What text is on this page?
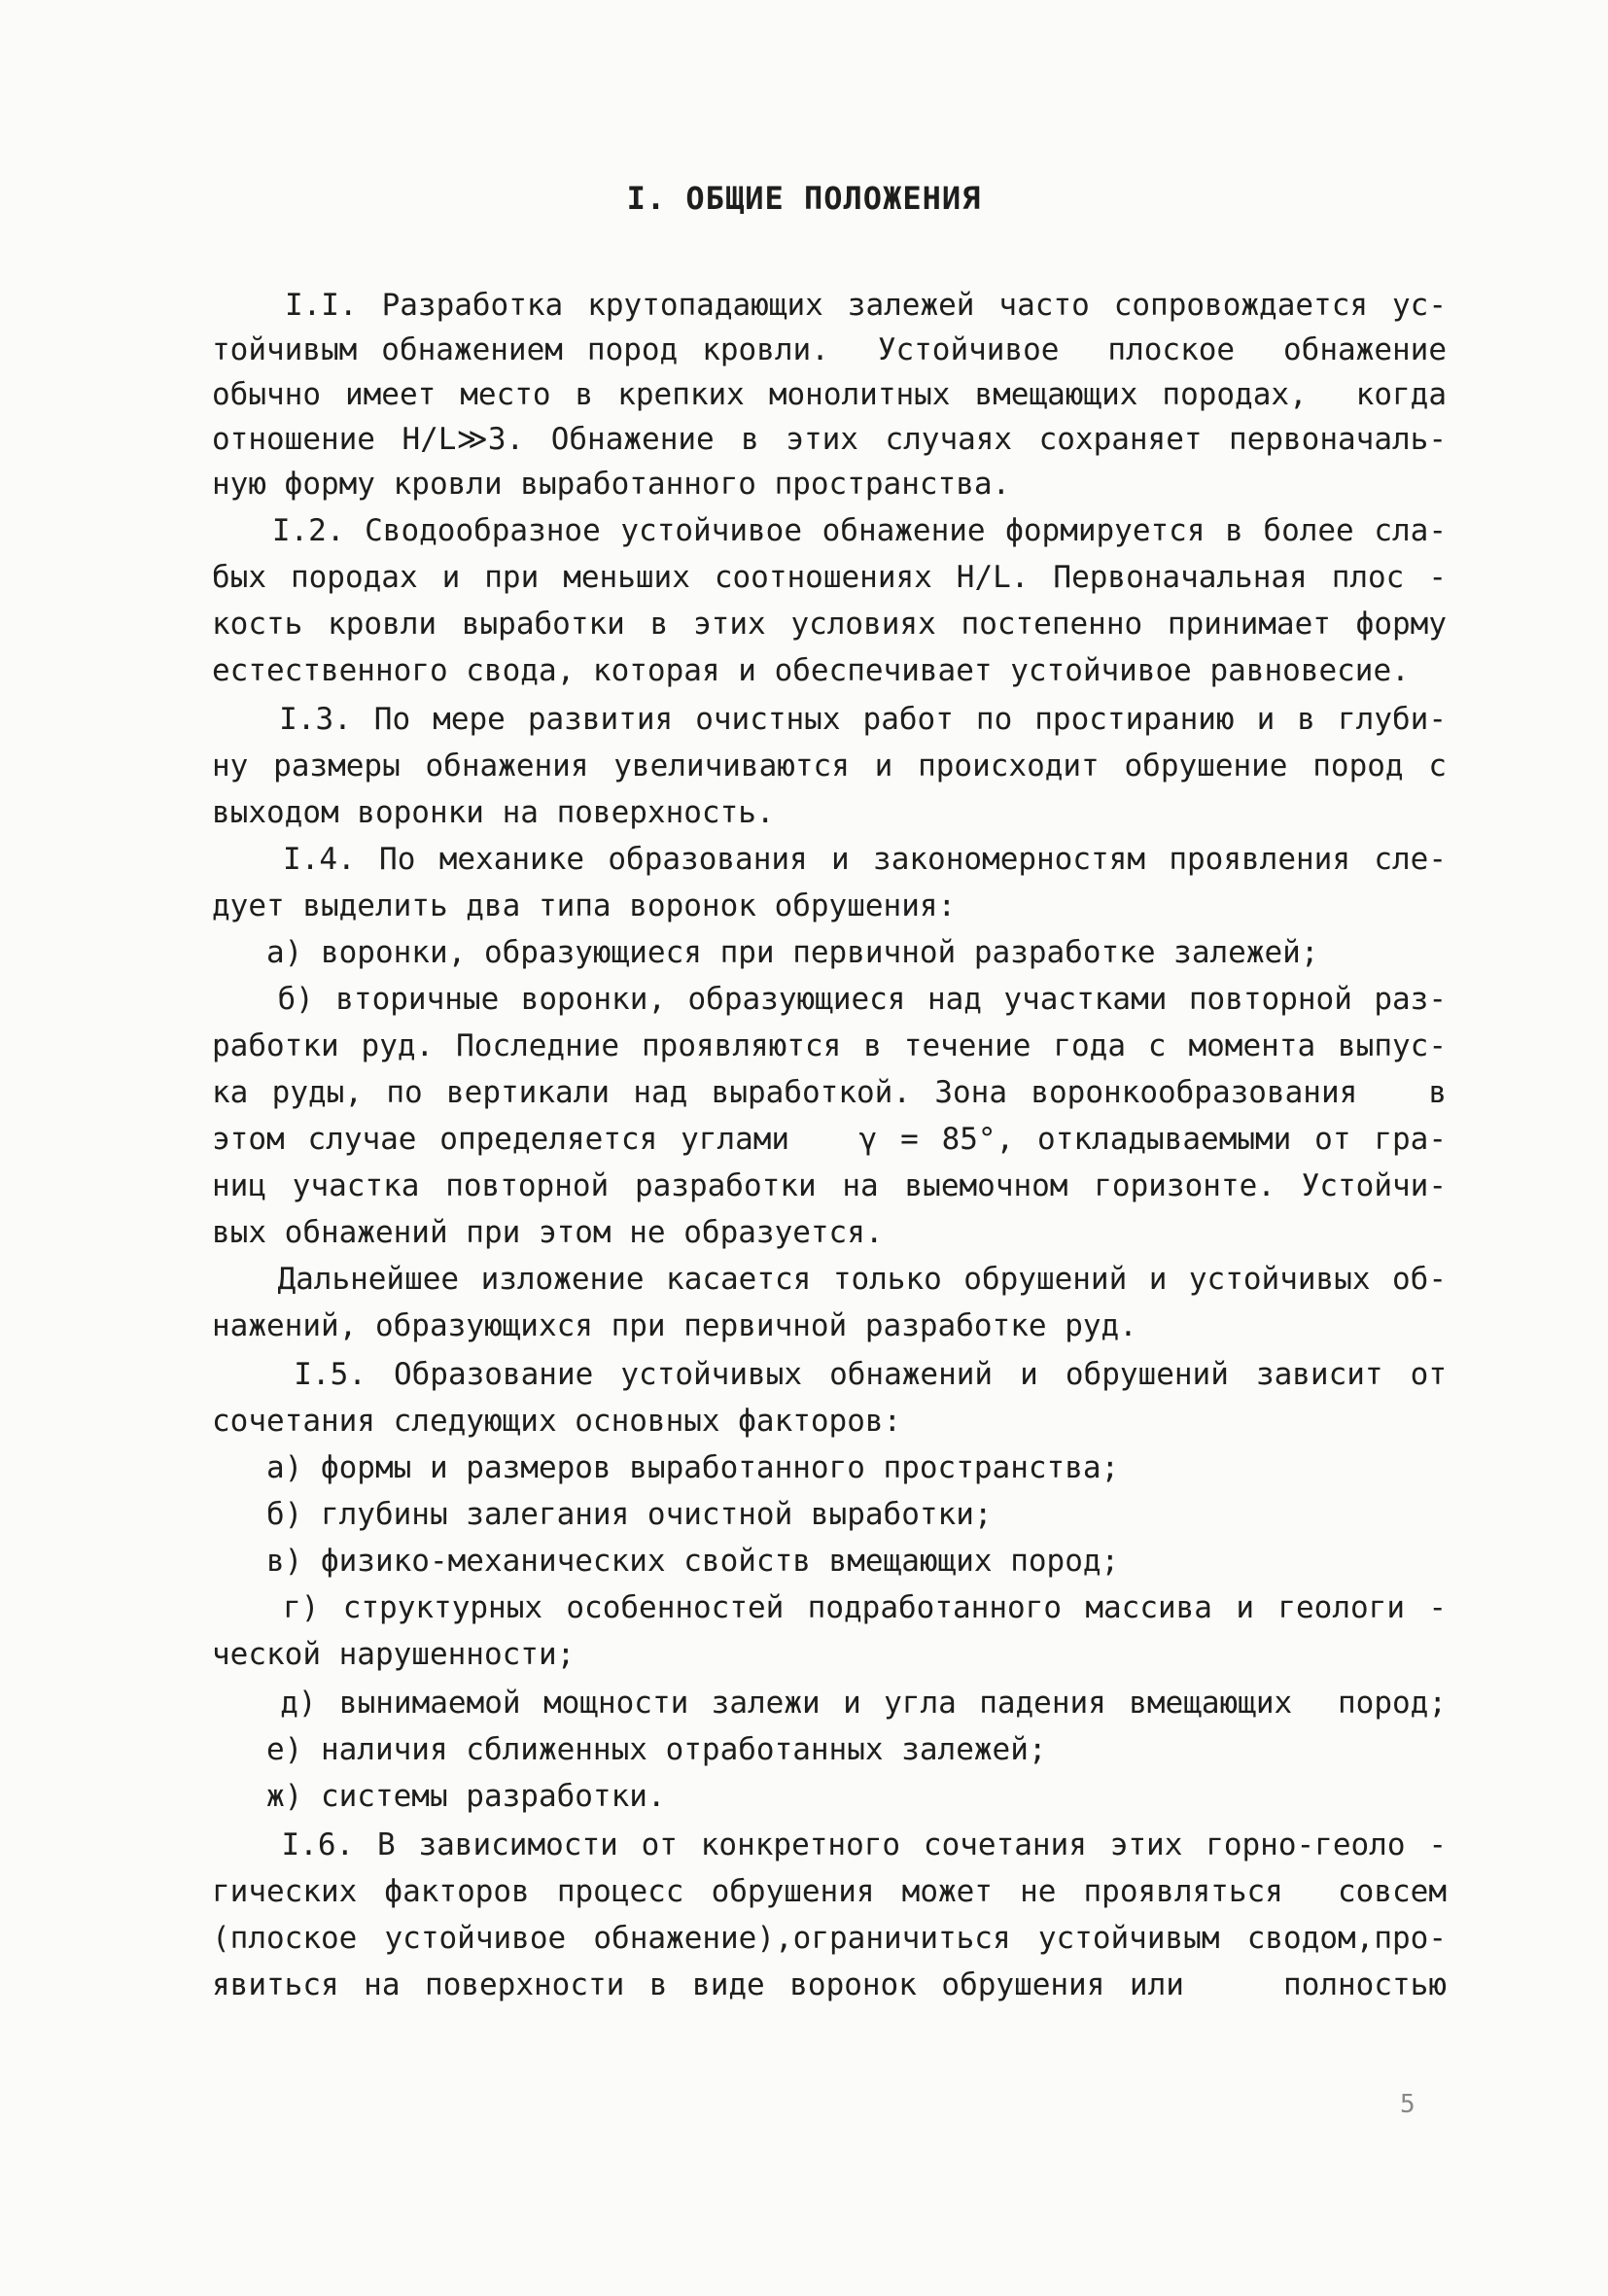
I. ОБЩИЕ ПОЛОЖЕНИЯ
I.I. Разработка крутопадающих залежей часто сопровождается ус-
тойчивым обнажением пород кровли.  Устойчивое  плоское  обнажение
обычно имеет место в крепких монолитных вмещающих породах,  когда
отношение H/L≫3. Обнажение в этих случаях сохраняет первоначаль-
ную форму кровли выработанного пространства.
I.2. Сводообразное устойчивое обнажение формируется в более сла-
бых породах и при меньших соотношениях H/L. Первоначальная плос -
кость кровли выработки в этих условиях постепенно принимает форму
естественного свода, которая и обеспечивает устойчивое равновесие.
I.3. По мере развития очистных работ по простиранию и в глуби-
ну размеры обнажения увеличиваются и происходит обрушение пород с
выходом воронки на поверхность.
I.4. По механике образования и закономерностям проявления сле-
дует выделить два типа воронок обрушения:
а) воронки, образующиеся при первичной разработке залежей;
б) вторичные воронки, образующиеся над участками повторной раз-
работки руд. Последние проявляются в течение года с момента выпус-
ка руды, по вертикали над выработкой. Зона воронкообразования   в
этом случае определяется углами   γ = 85°, откладываемыми от гра-
ниц участка повторной разработки на выемочном горизонте. Устойчи-
вых обнажений при этом не образуется.
Дальнейшее изложение касается только обрушений и устойчивых об-
нажений, образующихся при первичной разработке руд.
I.5. Образование устойчивых обнажений и обрушений зависит от
сочетания следующих основных факторов:
а) формы и размеров выработанного пространства;
б) глубины залегания очистной выработки;
в) физико-механических свойств вмещающих пород;
г) структурных особенностей подработанного массива и геологи -
ческой нарушенности;
д) вынимаемой мощности залежи и угла падения вмещающих  пород;
е) наличия сближенных отработанных залежей;
ж) системы разработки.
I.6. В зависимости от конкретного сочетания этих горно-геоло -
гических факторов процесс обрушения может не проявляться  совсем
(плоское устойчивое обнажение),ограничиться устойчивым сводом,про-
явиться на поверхности в виде воронок обрушения или    полностью
5
